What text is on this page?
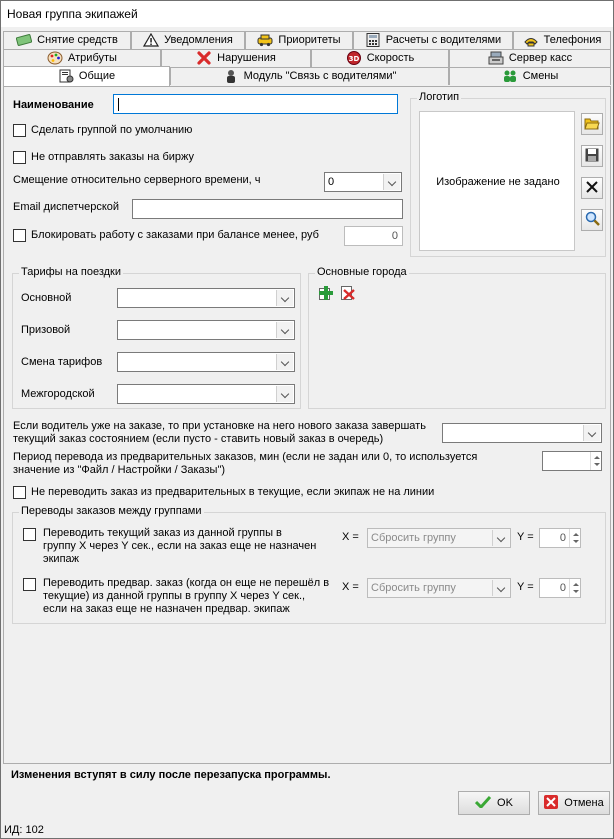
Новая группа экипажей
Снятие средств	Уведомления	Приоритеты	Расчеты с водителями	Телефония
Атрибуты	Нарушения	3D Скорость	Сервер касс
Общие	Модуль "Связь с водителями"	Смены
Наименование
Сделать группой по умолчанию
Не отправлять заказы на биржу
Смещение относительно серверного времени, ч	0
Email диспетчерской
Блокировать работу с заказами при балансе менее, руб	0
Логотип
Изображение не задано
Тарифы на поездки
Основной
Призовой
Смена тарифов
Межгородской
Основные города
Если водитель уже на заказе, то при установке на него нового заказа завершать
текущий заказ состоянием (если пусто - ставить новый заказ в очередь)
Период перевода из предварительных заказов, мин (если не задан или 0, то используется
значение из "Файл / Настройки / Заказы")
Не переводить заказ из предварительных в текущие, если экипаж не на линии
Переводы заказов между группами
Переводить текущий заказ из данной группы в
группу X через Y сек., если на заказ еще не назначен
экипаж
X = Сбросить группу	Y = 0
Переводить предвар. заказ (когда он еще не перешёл в
текущие) из данной группы в группу X через Y сек.,
если на заказ еще не назначен предвар. экипаж
X = Сбросить группу	Y = 0
Изменения вступят в силу после перезапуска программы.
OK	Отмена
ИД: 102
